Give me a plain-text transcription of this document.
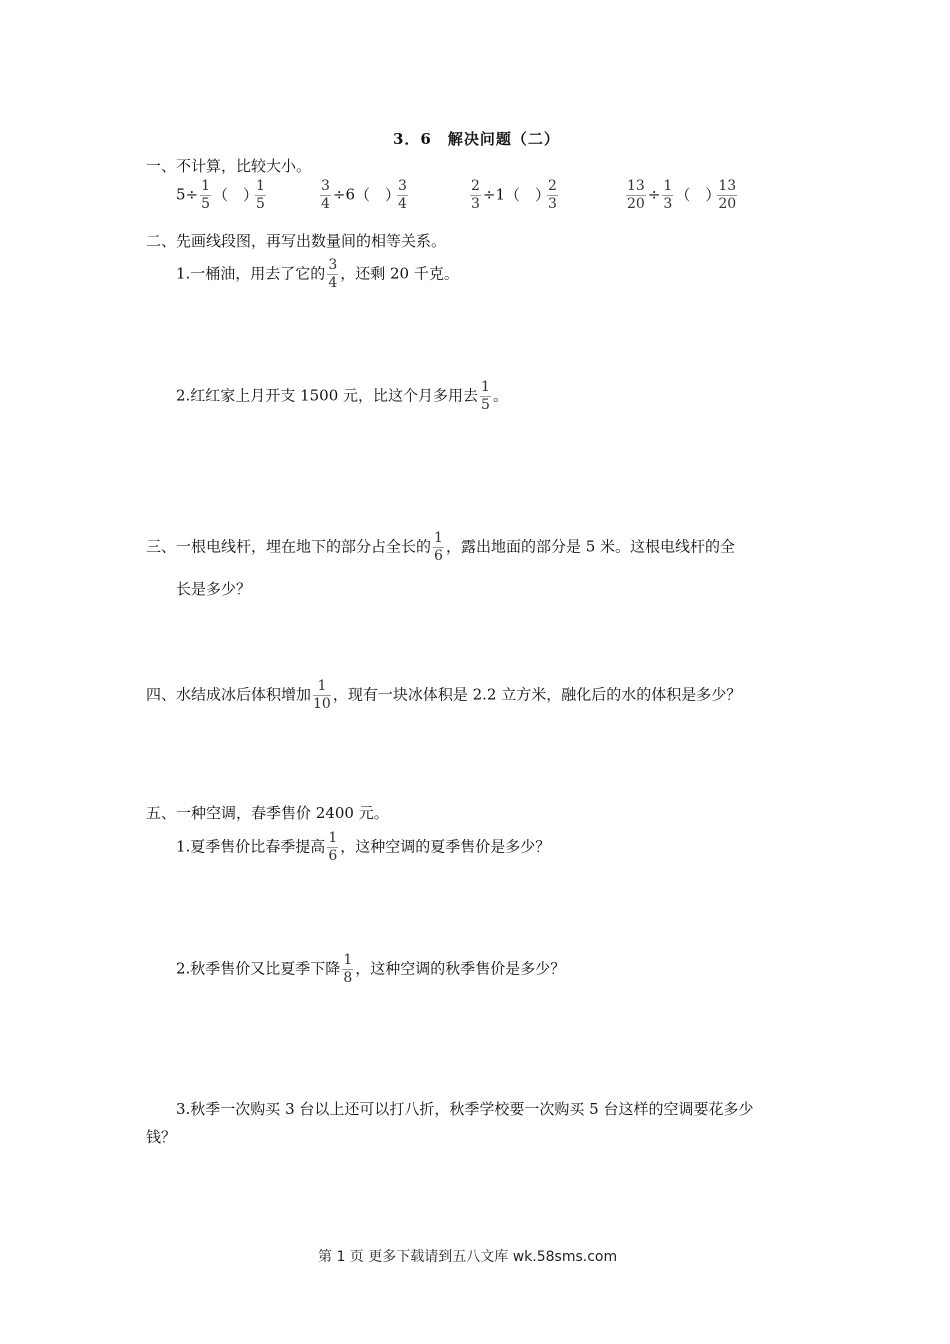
3．6　解决问题（二）
一、不计算，比较大小。
$5\div \frac{1}{5}$ （　）
$\frac{1}{5}$	$\frac{3}{4} \div 6$（　）
$\frac{3}{4}$	$\frac{2}{3} \div 1$（　）
$\frac{2}{3}$	$\frac{13}{20} \div \frac{1}{3}$ （　）
$\frac{13}{20}$
二、先画线段图，再写出数量间的相等关系。
1.一桶油，用去了它的 $\frac{3}{4}$ ，还剩 20 千克。
2.红红家上月开支 1500 元，比这个月多用去 $\frac{1}{5}$ 。
三、一根电线杆，埋在地下的部分占全长的 $\frac{1}{6}$ ，露出地面的部分是 5 米。这根电线杆的全
长是多少？
四、水结成冰后体积增加 $\frac{1}{10}$ ，现有一块冰体积是 2.2 立方米，融化后的水的体积是多少？
五、一种空调，春季售价 2400 元。
1.夏季售价比春季提高 $\frac{1}{6}$ ，这种空调的夏季售价是多少？
2.秋季售价又比夏季下降 $\frac{1}{8}$ ，这种空调的秋季售价是多少？
3.秋季一次购买 3 台以上还可以打八折，秋季学校要一次购买 5 台这样的空调要花多少
钱？
第 1 页 更多下载请到五八文库 wk.58sms.com
